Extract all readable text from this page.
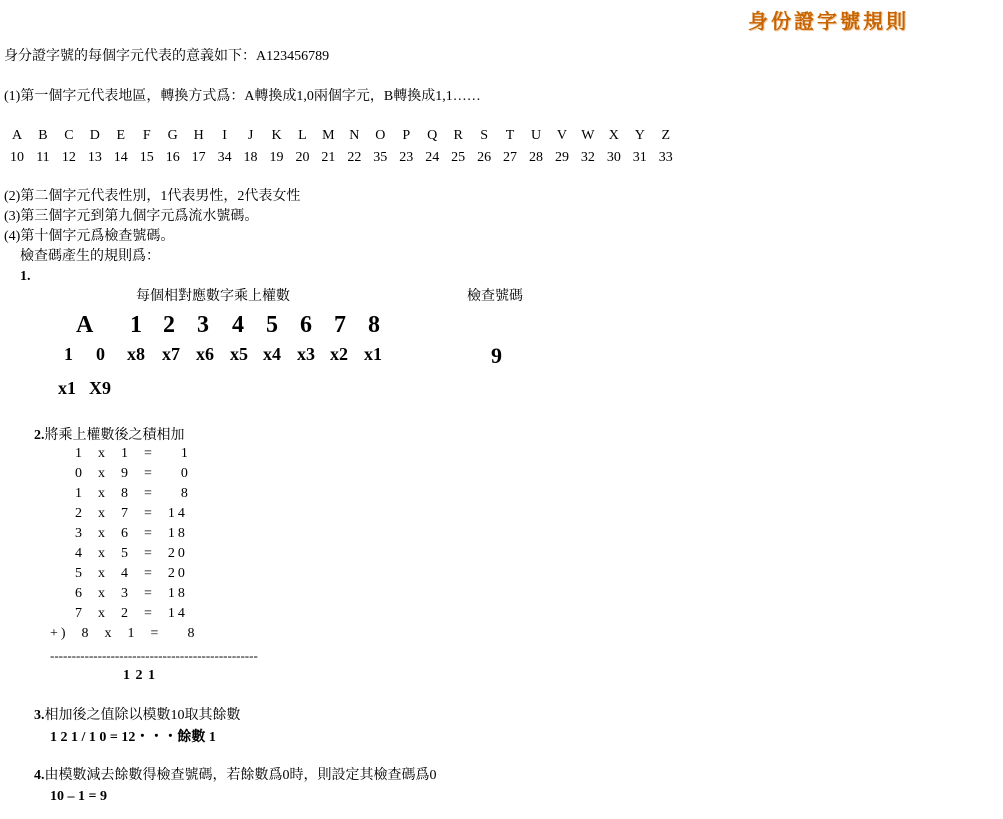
身份證字號規則
身分證字號的每個字元代表的意義如下：A123456789
(1)第一個字元代表地區，轉換方式爲：A轉換成1,0兩個字元，B轉換成1,1……
A	B	C	D	E	F	G	H	I	J	K	L	M	N	O	P	Q	R	S	T	U	V	W	X	Y	Z
10 11 12 13 14 15 16 17 34 18 19 20 21 22 35 23 24 25 26 27 28 29 32 30 31 33
(2)第二個字元代表性別，1代表男性，2代表女性
(3)第三個字元到第九個字元爲流水號碼。
(4)第十個字元爲檢查號碼。
檢查碼產生的規則爲：
1.
每個相對應數字乘上權數	檢查號碼
A 1 2 3 4 5 6 7 8
1 0 x8 x7 x6 x5 x4 x3 x2 x1	9
x1 X9
2.將乘上權數後之積相加
1  x  1  =    1
0  x  9  =    0
1  x  8  =    8
2  x  7  =  14
3  x  6  =  18
4  x  5  =  20
5  x  4  =  20
6  x  3  =  18
7  x  2  =  14
+)  8  x  1  =    8
------------------------------------------------
1 2 1
3.相加後之值除以模數10取其餘數
1 2 1 / 1 0 = 12・・・餘數 1
4.由模數減去餘數得檢查號碼，若餘數爲0時，則設定其檢查碼爲0
10 – 1 = 9
